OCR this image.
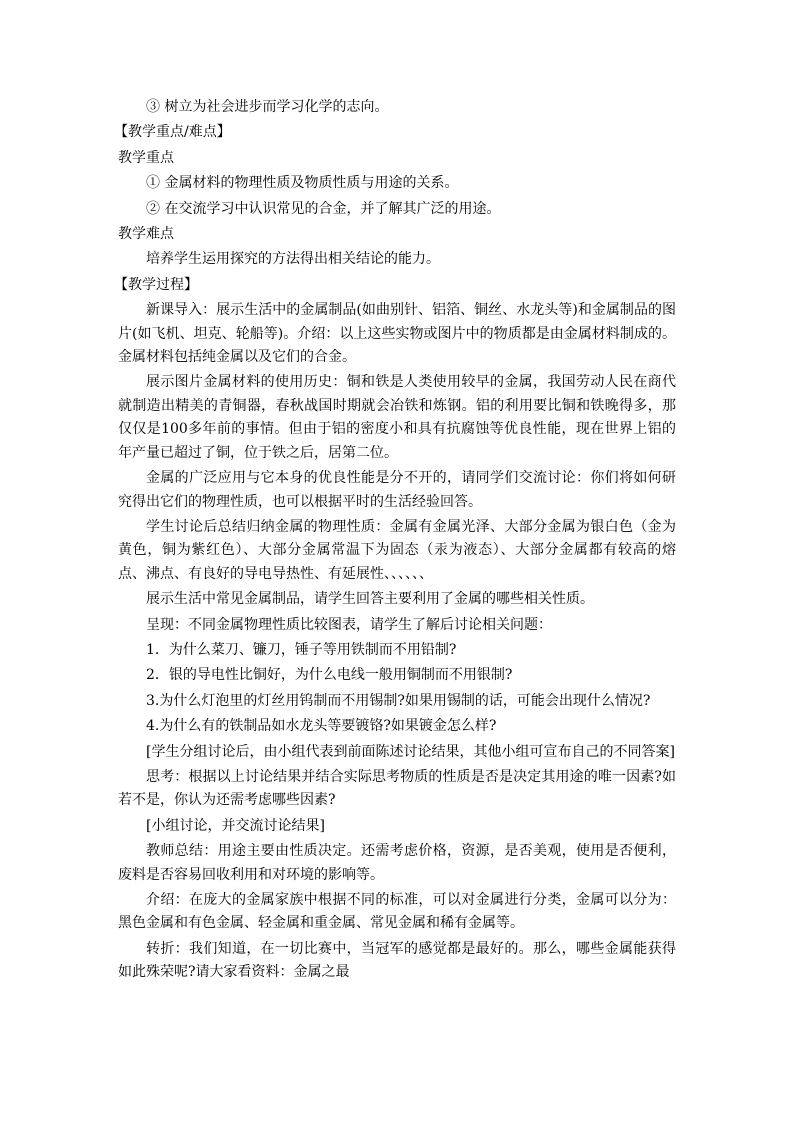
③ 树立为社会进步而学习化学的志向。
【教学重点/难点】
教学重点
① 金属材料的物理性质及物质性质与用途的关系。
② 在交流学习中认识常见的合金，并了解其广泛的用途。
教学难点
培养学生运用探究的方法得出相关结论的能力。
【教学过程】

新课导入：展示生活中的金属制品(如曲别针、铝箔、铜丝、水龙头等)和金属制品的图片(如飞机、坦克、轮船等)。介绍：以上这些实物或图片中的物质都是由金属材料制成的。金属材料包括纯金属以及它们的合金。

展示图片金属材料的使用历史：铜和铁是人类使用较早的金属，我国劳动人民在商代就制造出精美的青铜器，春秋战国时期就会冶铁和炼钢。铝的利用要比铜和铁晚得多，那仅仅是100多年前的事情。但由于铝的密度小和具有抗腐蚀等优良性能，现在世界上铝的年产量已超过了铜，位于铁之后，居第二位。

金属的广泛应用与它本身的优良性能是分不开的，请同学们交流讨论：你们将如何研究得出它们的物理性质，也可以根据平时的生活经验回答。

学生讨论后总结归纳金属的物理性质：金属有金属光泽、大部分金属为银白色（金为黄色，铜为紫红色）、大部分金属常温下为固态（汞为液态）、大部分金属都有较高的熔点、沸点、有良好的导电导热性、有延展性、、、、、、

展示生活中常见金属制品，请学生回答主要利用了金属的哪些相关性质。

呈现：不同金属物理性质比较图表，请学生了解后讨论相关问题：

1．为什么菜刀、镰刀，锤子等用铁制而不用铅制?

2．银的导电性比铜好，为什么电线一般用铜制而不用银制?

3.为什么灯泡里的灯丝用钨制而不用锡制?如果用锡制的话，可能会出现什么情况?

4.为什么有的铁制品如水龙头等要镀铬?如果镀金怎么样?

[学生分组讨论后，由小组代表到前面陈述讨论结果，其他小组可宣布自己的不同答案]

思考：根据以上讨论结果并结合实际思考物质的性质是否是决定其用途的唯一因素?如若不是，你认为还需考虑哪些因素?

[小组讨论，并交流讨论结果]

教师总结：用途主要由性质决定。还需考虑价格，资源，是否美观，使用是否便利，废料是否容易回收利用和对环境的影响等。

介绍：在庞大的金属家族中根据不同的标准，可以对金属进行分类，金属可以分为：黑色金属和有色金属、轻金属和重金属、常见金属和稀有金属等。

转折：我们知道，在一切比赛中，当冠军的感觉都是最好的。那么，哪些金属能获得如此殊荣呢?请大家看资料：金属之最
